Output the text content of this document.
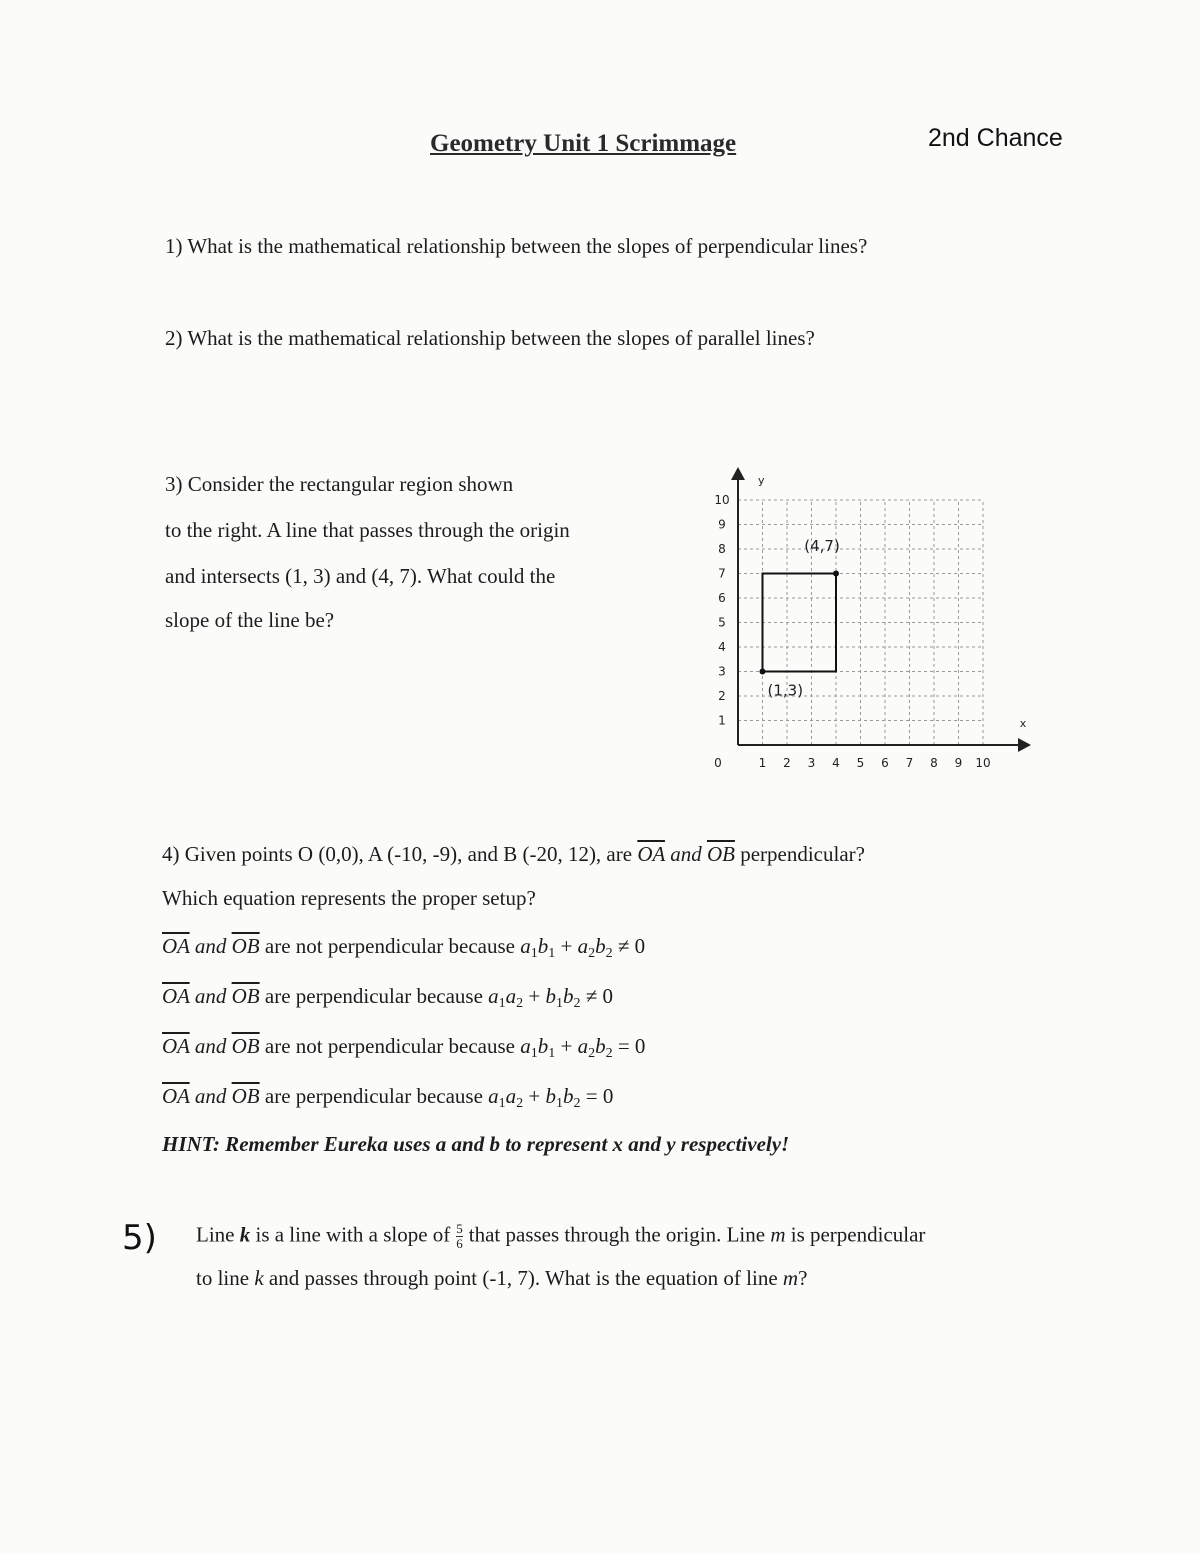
Geometry Unit 1 Scrimmage	2nd Chance
1) What is the mathematical relationship between the slopes of perpendicular lines?
2) What is the mathematical relationship between the slopes of parallel lines?
3) Consider the rectangular region shown
to the right. A line that passes through the origin
and intersects (1, 3) and (4, 7). What could the
slope of the line be?
10
9
8
7
6
5
4
3
2
1
1 2 3 4 5 6 7 8 9 10
0
y
x
(1,3)
(4,7)
4) Given points O (0,0), A (-10, -9), and B (-20, 12), are $\overline{OA}$ and $\overline{OB}$ perpendicular?
Which equation represents the proper setup?
$\overline{OA}$ and $\overline{OB}$ are not perpendicular because $a_1b_1 + a_2b_2 \ne 0$
$\overline{OA}$ and $\overline{OB}$ are perpendicular because $a_1a_2 + b_1b_2 \ne 0$
$\overline{OA}$ and $\overline{OB}$ are not perpendicular because $a_1b_1 + a_2b_2 = 0$
$\overline{OA}$ and $\overline{OB}$ are perpendicular because $a_1a_2 + b_1b_2 = 0$
HINT: Remember Eureka uses a and b to represent x and y respectively!
5) Line k is a line with a slope of $\frac{5}{6}$ that passes through the origin. Line m is perpendicular
to line k and passes through point (-1, 7). What is the equation of line m?
